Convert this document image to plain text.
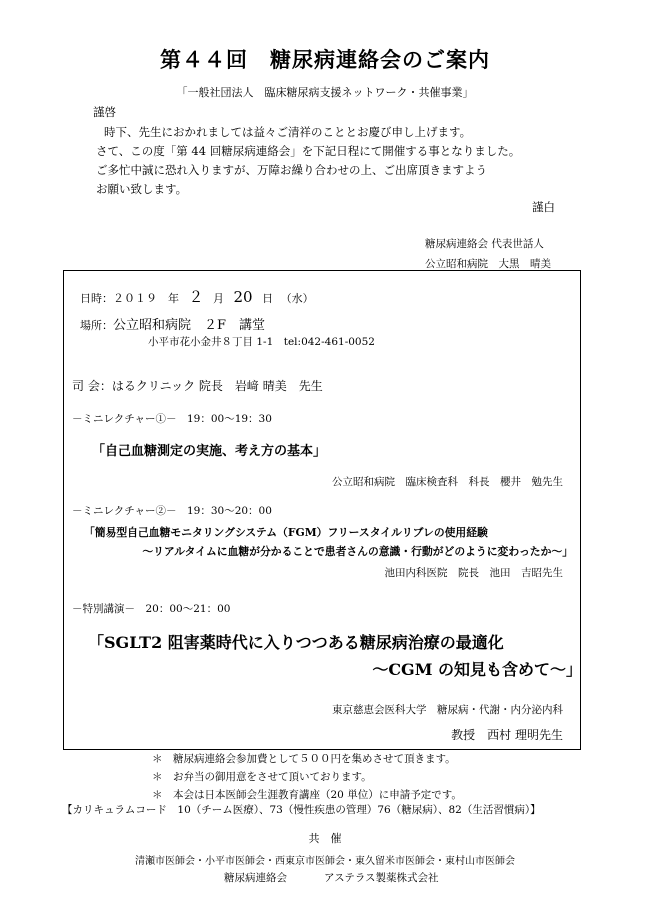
第４４回　糖尿病連絡会のご案内
「一般社団法人　臨床糖尿病支援ネットワーク・共催事業」
謹啓
時下、先生におかれましては益々ご清祥のこととお慶び申し上げます。
さて、この度「第 44 回糖尿病連絡会」を下記日程にて開催する事となりました。
ご多忙中誠に恐れ入りますが、万障お繰り合わせの上、ご出席頂きますよう
お願い致します。
謹白
糖尿病連絡会 代表世話人
公立昭和病院　大黒　晴美
日時：２０１９　年 ２ 月 20 日 （水）
場所：公立昭和病院　２F　講堂
小平市花小金井８丁目 1-1　tel:042-461-0052
司 会：はるクリニック 院長　岩﨑 晴美　先生
－ミニレクチャー①－　19：00～19：30
「自己血糖測定の実施、考え方の基本」
公立昭和病院　臨床検査科　科長　櫻井　勉先生
－ミニレクチャー②－　19：30～20：00
「簡易型自己血糖モニタリングシステム（FGM）フリースタイルリブレの使用経験
～リアルタイムに血糖が分かることで患者さんの意識・行動がどのように変わったか～」
池田内科医院　院長　池田　吉昭先生
－特別講演－　20：00～21：00
「SGLT2 阻害薬時代に入りつつある糖尿病治療の最適化
～CGM の知見も含めて～」
東京慈恵会医科大学　糖尿病・代謝・内分泌内科
教授　西村 理明先生
＊　糖尿病連絡会参加費として５００円を集めさせて頂きます。
＊　お弁当の御用意をさせて頂いております。
＊　本会は日本医師会生涯教育講座（20 単位）に申請予定です。
【カリキュラムコード　10（チーム医療）、73（慢性疾患の管理）76（糖尿病）、82（生活習慣病）】
共　催
清瀬市医師会・小平市医師会・西東京市医師会・東久留米市医師会・東村山市医師会
糖尿病連絡会	アステラス製薬株式会社
